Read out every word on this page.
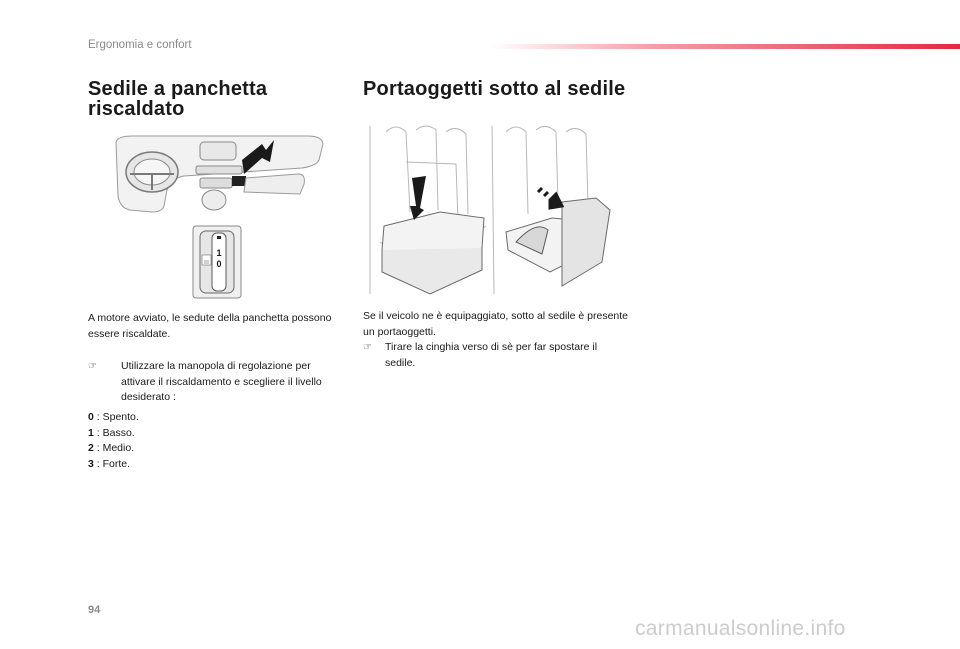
Ergonomia e confort
Sedile a panchetta
riscaldato
Portaoggetti sotto al sedile
1
0
A motore avviato, le sedute della panchetta possono essere riscaldate.
☞	Utilizzare la manopola di regolazione per attivare il riscaldamento e scegliere il livello desiderato :
0 : Spento.
1 : Basso.
2 : Medio.
3 : Forte.
Se il veicolo ne è equipaggiato, sotto al sedile è presente un portaoggetti.
☞	Tirare la cinghia verso di sè per far spostare il sedile.
94
carmanualsonline.info
